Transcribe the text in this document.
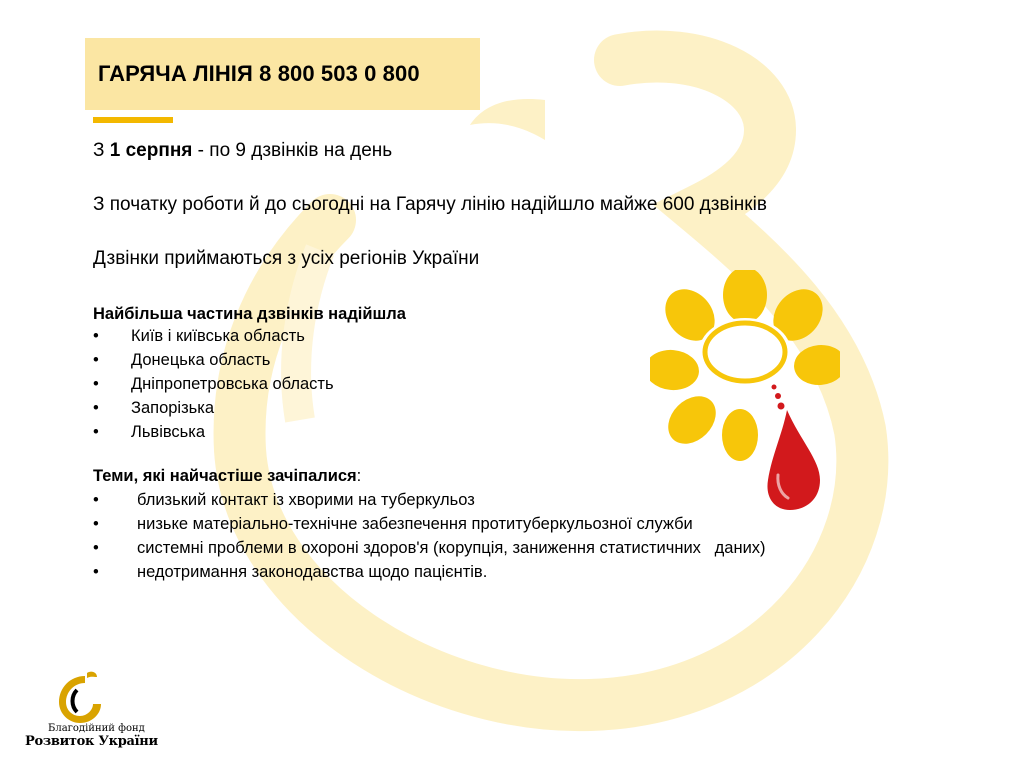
ГАРЯЧА ЛІНІЯ 8 800 503 0 800
З 1 серпня - по 9 дзвінків на день
З початку роботи й до сьогодні на Гарячу лінію надійшло майже 600 дзвінків
Дзвінки приймаються з усіх регіонів України
Найбільша частина дзвінків надійшла
•	Київ і київська область
•	Донецька область
•	Дніпропетровська область
•	Запорізька
•	Львівська
Теми, які найчастіше зачіпалися:
•	близький контакт із хворими на туберкульоз
•	низьке матеріально-технічне забезпечення протитуберкульозної служби
•	системні проблеми в охороні здоров'я (корупція, заниження статистичних   даних)
•	недотримання законодавства щодо пацієнтів.
Благодійний фонд
Розвиток України
